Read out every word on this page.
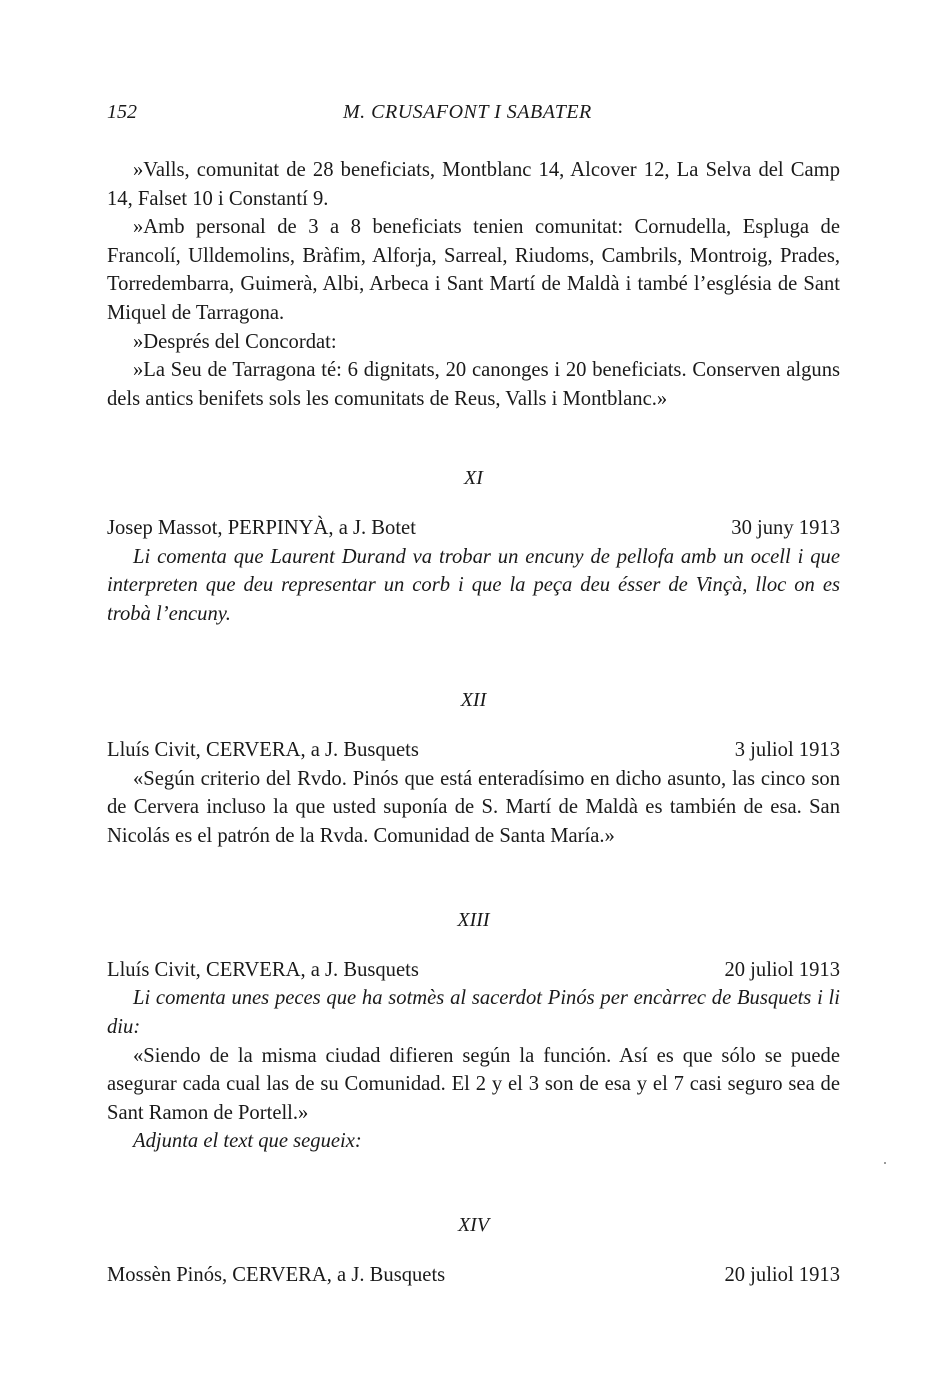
152	M. CRUSAFONT I SABATER

»Valls, comunitat de 28 beneficiats, Montblanc 14, Alcover 12, La Selva del Camp 14, Falset 10 i Constantí 9.

»Amb personal de 3 a 8 beneficiats tenien comunitat: Cornudella, Espluga de Francolí, Ulldemolins, Bràfim, Alforja, Sarreal, Riudoms, Cambrils, Montroig, Prades, Torredembarra, Guimerà, Albi, Arbeca i Sant Martí de Maldà i també l’església de Sant Miquel de Tarragona.

»Després del Concordat:

»La Seu de Tarragona té: 6 dignitats, 20 canonges i 20 beneficiats. Conserven alguns dels antics benifets sols les comunitats de Reus, Valls i Montblanc.»

XI
Josep Massot, PERPINYÀ, a J. Botet	30 juny 1913

Li comenta que Laurent Durand va trobar un encuny de pellofa amb un ocell i que interpreten que deu representar un corb i que la peça deu ésser de Vinçà, lloc on es trobà l’encuny.

XII
Lluís Civit, CERVERA, a J. Busquets	3 juliol 1913

«Según criterio del Rvdo. Pinós que está enteradísimo en dicho asunto, las cinco son de Cervera incluso la que usted suponía de S. Martí de Maldà es también de esa. San Nicolás es el patrón de la Rvda. Comunidad de Santa María.»

XIII
Lluís Civit, CERVERA, a J. Busquets	20 juliol 1913

Li comenta unes peces que ha sotmès al sacerdot Pinós per encàrrec de Busquets i li diu:

«Siendo de la misma ciudad difieren según la función. Así es que sólo se puede asegurar cada cual las de su Comunidad. El 2 y el 3 son de esa y el 7 casi seguro sea de Sant Ramon de Portell.»

Adjunta el text que segueix:

XIV
Mossèn Pinós, CERVERA, a J. Busquets	20 juliol 1913
